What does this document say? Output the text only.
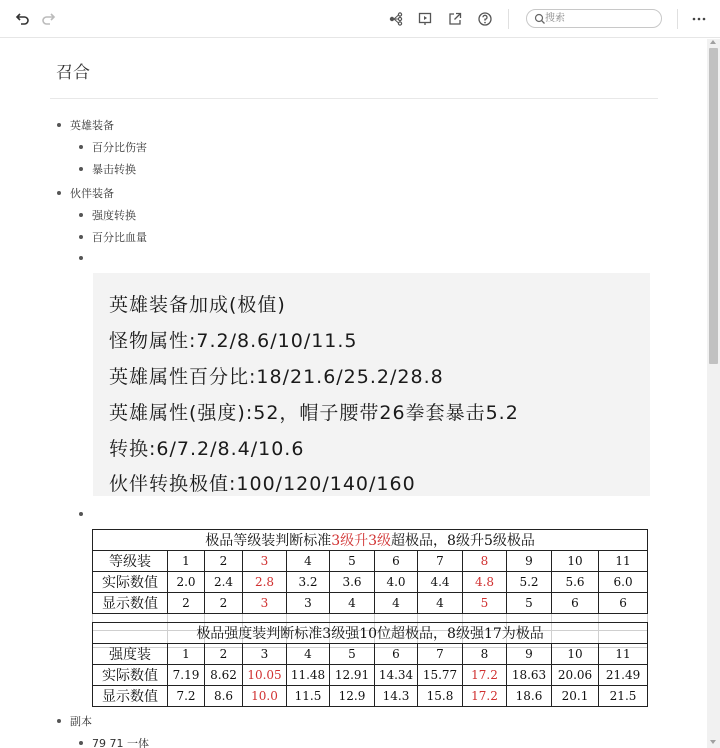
搜索
召合
英雄装备
百分比伤害
暴击转换
伙伴装备
强度转换
百分比血量
英雄装备加成(极值)
怪物属性:7.2/8.6/10/11.5
英雄属性百分比:18/21.6/25.2/28.8
英雄属性(强度):52，帽子腰带26拳套暴击5.2
转换:6/7.2/8.4/10.6
伙伴转换极值:100/120/140/160
极品等级装判断标准3级升3级超极品，8级升5级极品											
等级装	1	2	3	4	5	6	7	8	9	10	11
实际数值	2.0	2.4	2.8	3.2	3.6	4.0	4.4	4.8	5.2	5.6	6.0
显示数值	2	2	3	3	4	4	4	5	5	6	6

极品强度装判断标准3级强10位超极品，8级强17为极品											
强度装	1	2	3	4	5	6	7	8	9	10	11
实际数值	7.19	8.62	10.05	11.48	12.91	14.34	15.77	17.2	18.63	20.06	21.49
显示数值	7.2	8.6	10.0	11.5	12.9	14.3	15.8	17.2	18.6	20.1	21.5
副本
79 71 一体
